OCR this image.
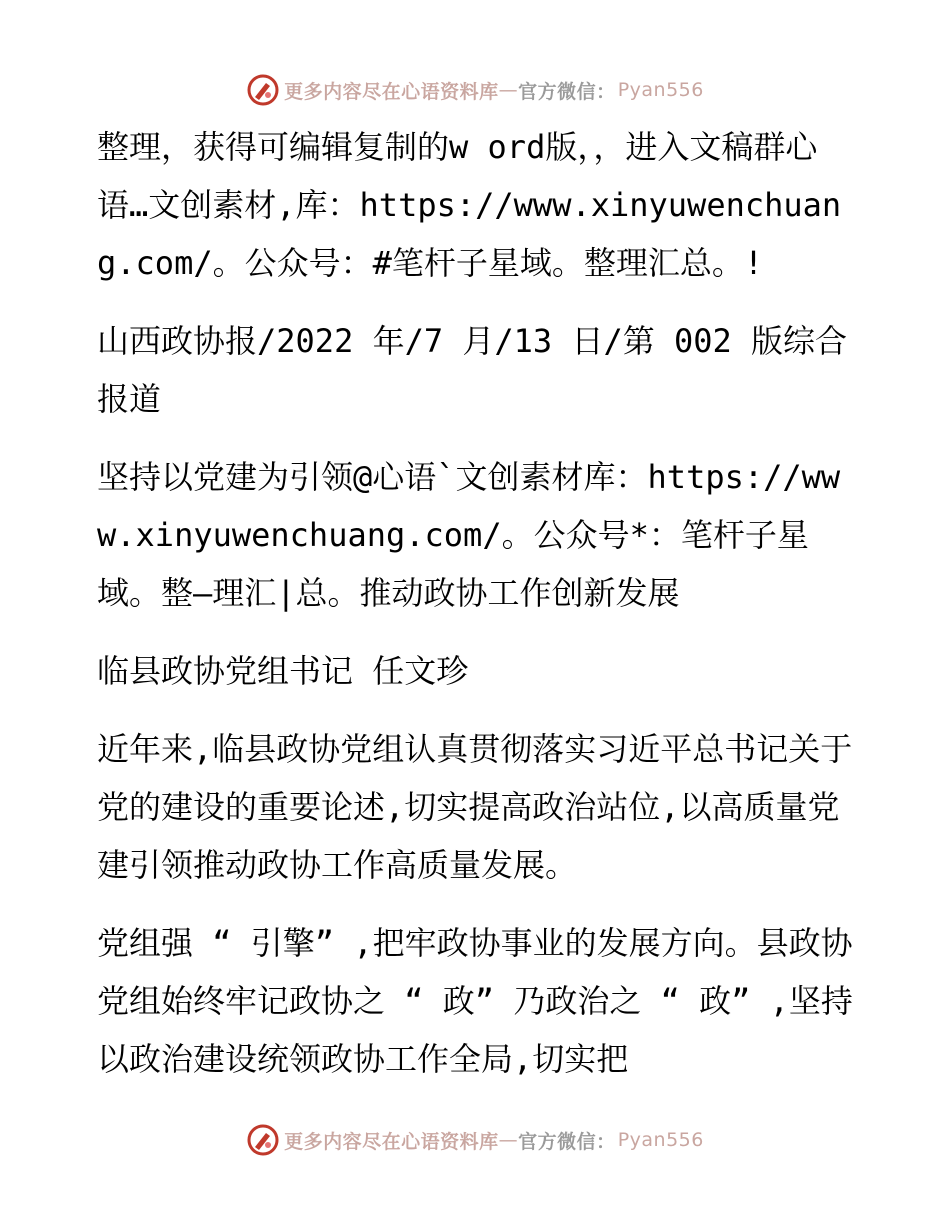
更多内容尽在心语资料库 — 官方微信： Pyan556

整理，获得可编辑复制的w ord版，，进入文稿群心语…文创素材,库：https://www.xinyuwenchuang.com/。公众号：#笔杆子星域。整理汇总。!

山西政协报/2022 年/7 月/13 日/第 002 版综合报道

坚持以党建为引领@心语`文创素材库：https://www.xinyuwenchuang.com/。公众号*：笔杆子星域。整—理汇|总。推动政协工作创新发展

临县政协党组书记 任文珍

近年来,临县政协党组认真贯彻落实习近平总书记关于党的建设的重要论述,切实提高政治站位,以高质量党建引领推动政协工作高质量发展。

党组强 “ 引擎” ,把牢政协事业的发展方向。县政协党组始终牢记政协之 “ 政” 乃政治之 “ 政” ,坚持以政治建设统领政协工作全局,切实把

更多内容尽在心语资料库 — 官方微信： Pyan556
